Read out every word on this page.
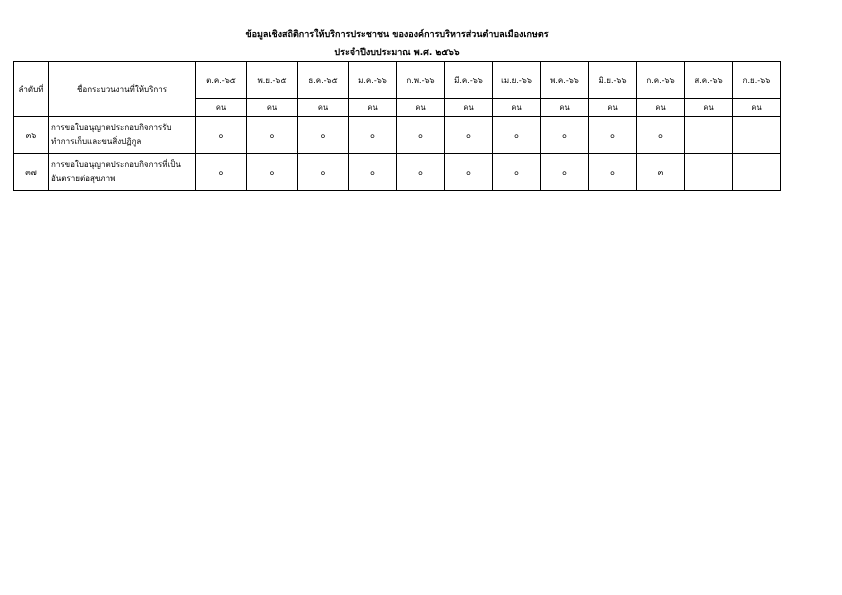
ข้อมูลเชิงสถิติการให้บริการประชาชน ขององค์การบริหารส่วนตำบลเมืองเกษตร
ประจำปีงบประมาณ พ.ศ. ๒๕๖๖
ลำดับที่	ชื่อกระบวนงานที่ให้บริการ	ต.ค.-๖๕	พ.ย.-๖๕	ธ.ค.-๖๕	ม.ค.-๖๖	ก.พ.-๖๖	มี.ค.-๖๖	เม.ย.-๖๖	พ.ค.-๖๖	มิ.ย.-๖๖	ก.ค.-๖๖	ส.ค.-๖๖	ก.ย.-๖๖
		คน	คน	คน	คน	คน	คน	คน	คน	คน	คน	คน	คน
๓๖	การขอใบอนุญาตประกอบกิจการรับทำการเก็บและขนสิ่งปฏิกูล	๐	๐	๐	๐	๐	๐	๐	๐	๐	๐		
๓๗	การขอใบอนุญาตประกอบกิจการที่เป็นอันตรายต่อสุขภาพ	๐	๐	๐	๐	๐	๐	๐	๐	๐	๓		
